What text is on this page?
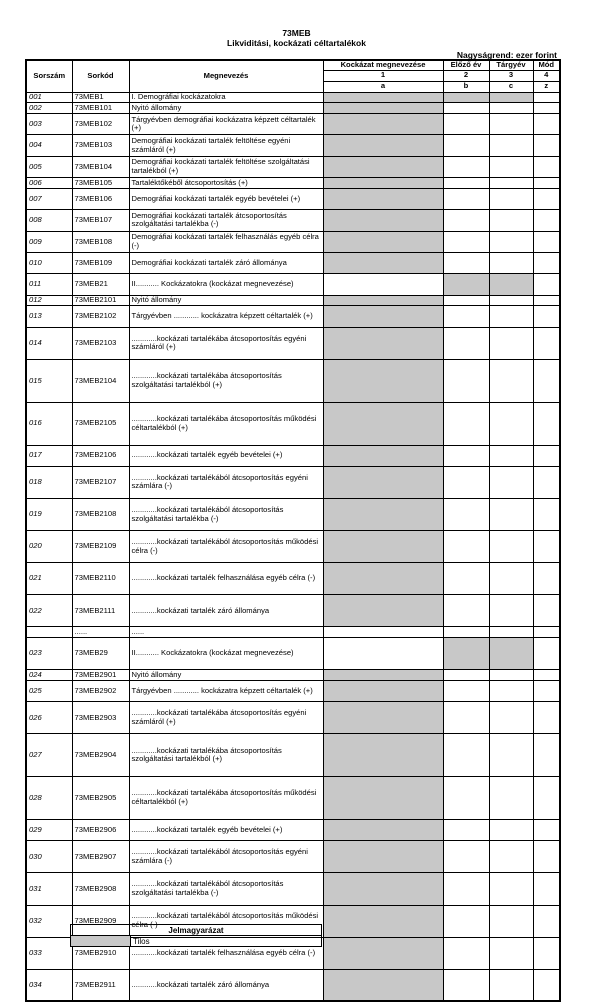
73MEB
Likviditási, kockázati céltartalékok
Nagyságrend: ezer forint
Sorszám	Sorkód	Megnevezés	Kockázat megnevezése	Előző év	Tárgyév	Mód
			1	2	3	4
			a	b	c	z
001	73MEB1	I. Demográfiai kockázatokra				
002	73MEB101	Nyitó állomány				
003	73MEB102	Tárgyévben demográfiai kockázatra képzett céltartalék (+)				
004	73MEB103	Demográfiai kockázati tartalék feltöltése egyéni számláról (+)				
005	73MEB104	Demográfiai kockázati tartalék feltöltése szolgáltatási tartalékból (+)				
006	73MEB105	Tartaléktőkéből átcsoportosítás (+)				
007	73MEB106	Demográfiai kockázati tartalék egyéb bevételei (+)				
008	73MEB107	Demográfiai kockázati tartalék átcsoportosítás szolgáltatási tartalékba (-)				
009	73MEB108	Demográfiai kockázati tartalék felhasználás egyéb célra (-)				
010	73MEB109	Demográfiai kockázati tartalék záró állománya				
011	73MEB21	II........... Kockázatokra (kockázat megnevezése)				
012	73MEB2101	Nyitó állomány				
013	73MEB2102	Tárgyévben ............ kockázatra képzett céltartalék (+)				
014	73MEB2103	............kockázati tartalékába átcsoportosítás egyéni számláról (+)				
015	73MEB2104	............kockázati tartalékába átcsoportosítás szolgáltatási tartalékból (+)				
016	73MEB2105	............kockázati tartalékába átcsoportosítás működési céltartalékból (+)				
017	73MEB2106	............kockázati tartalék egyéb bevételei (+)				
018	73MEB2107	............kockázati tartalékából átcsoportosítás egyéni számlára (-)				
019	73MEB2108	............kockázati tartalékából átcsoportosítás szolgáltatási tartalékba (-)				
020	73MEB2109	............kockázati tartalékából átcsoportosítás működési célra (-)				
021	73MEB2110	............kockázati tartalék felhasználása egyéb célra (-)				
022	73MEB2111	............kockázati tartalék záró állománya				
	......	......				
023	73MEB29	II........... Kockázatokra (kockázat megnevezése)				
024	73MEB2901	Nyitó állomány				
025	73MEB2902	Tárgyévben ............ kockázatra képzett céltartalék (+)				
026	73MEB2903	............kockázati tartalékába átcsoportosítás egyéni számláról (+)				
027	73MEB2904	............kockázati tartalékába átcsoportosítás szolgáltatási tartalékból (+)				
028	73MEB2905	............kockázati tartalékába átcsoportosítás működési céltartalékból (+)				
029	73MEB2906	............kockázati tartalék egyéb bevételei (+)				
030	73MEB2907	............kockázati tartalékából átcsoportosítás egyéni számlára (-)				
031	73MEB2908	............kockázati tartalékából átcsoportosítás szolgáltatási tartalékba (-)				
032	73MEB2909	............kockázati tartalékából átcsoportosítás működési célra (-)				
033	73MEB2910	............kockázati tartalék felhasználása egyéb célra (-)				
034	73MEB2911	............kockázati tartalék záró állománya				
Jelmagyarázat
	Tilos
